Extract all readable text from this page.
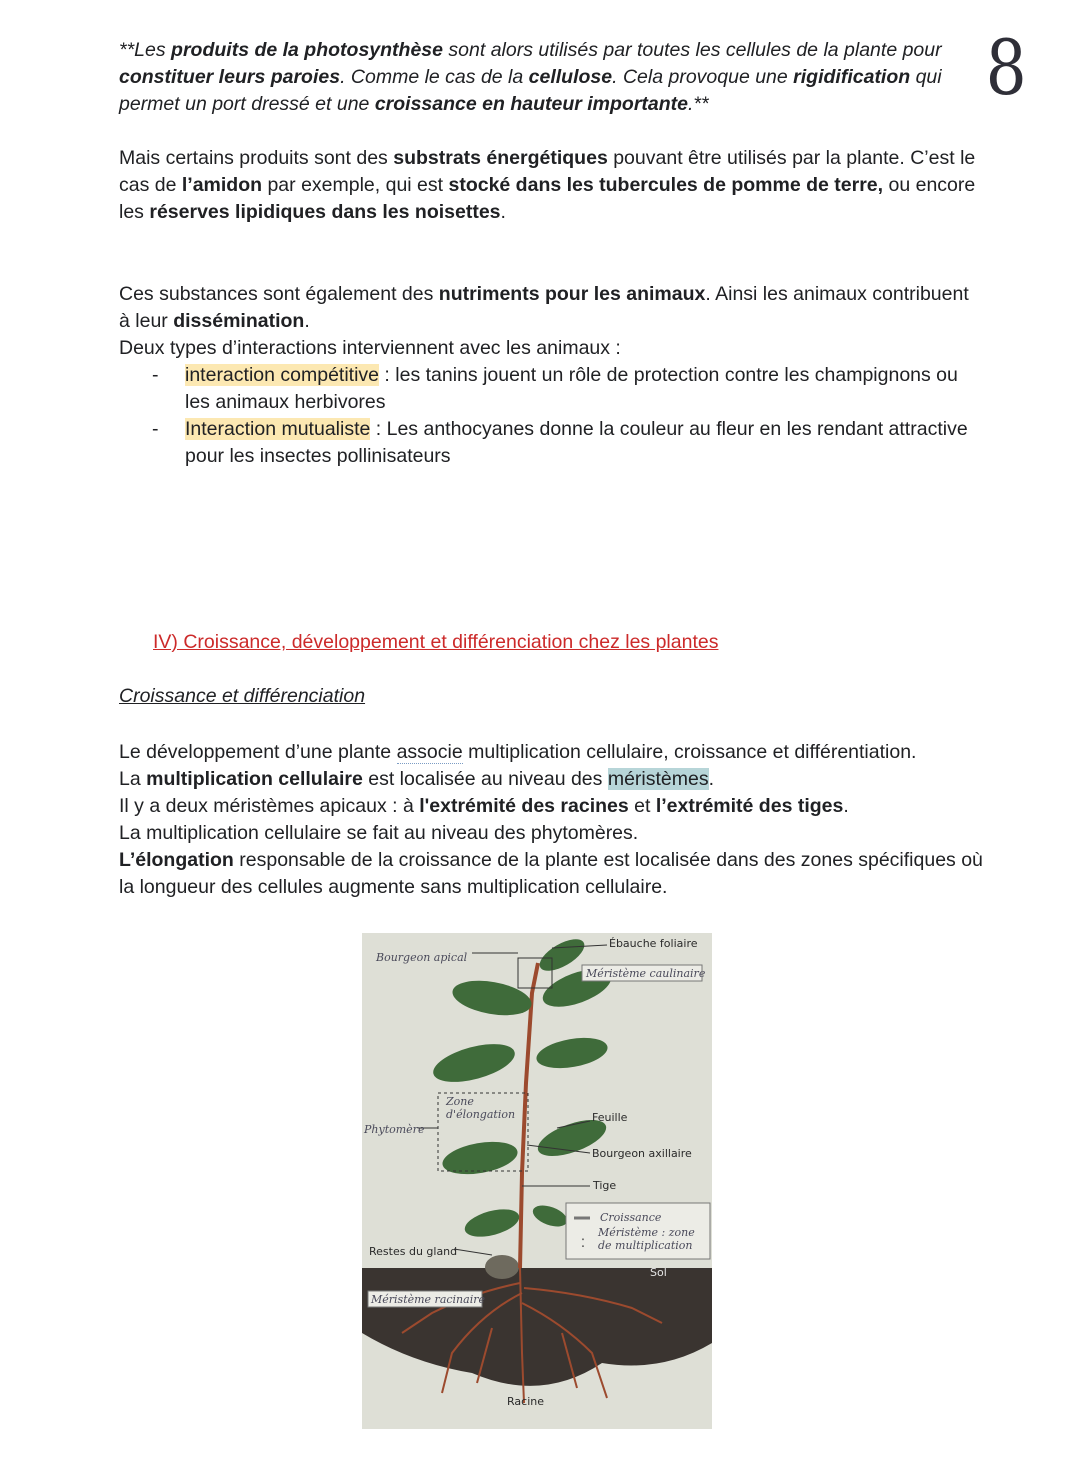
8

**Les produits de la photosynthèse sont alors utilisés par toutes les cellules de la plante pour constituer leurs paroies. Comme le cas de la cellulose. Cela provoque une rigidification qui permet un port dressé et une croissance en hauteur importante.**

Mais certains produits sont des substrats énergétiques pouvant être utilisés par la plante. C’est le cas de l’amidon par exemple, qui est stocké dans les tubercules de pomme de terre, ou encore les réserves lipidiques dans les noisettes.

Ces substances sont également des nutriments pour les animaux. Ainsi les animaux contribuent à leur dissémination.

Deux types d’interactions interviennent avec les animaux :

- interaction compétitive : les tanins jouent un rôle de protection contre les champignons ou les animaux herbivores
- Interaction mutualiste : Les anthocyanes donne la couleur au fleur en les rendant attractive pour les insectes pollinisateurs
IV) Croissance, développement et différenciation chez les plantes
Croissance et différenciation

Le développement d’une plante associe multiplication cellulaire, croissance et différentiation.

La multiplication cellulaire est localisée au niveau des méristèmes.

Il y a deux méristèmes apicaux : à l'extrémité des racines et l’extrémité des tiges.

La multiplication cellulaire se fait au niveau des phytomères.

L’élongation responsable de la croissance de la plante est localisée dans des zones spécifiques où la longueur des cellules augmente sans multiplication cellulaire.

:
Bourgeon apical
Ébauche foliaire
Méristème caulinaire
Zone
d'élongation
Phytomère
Feuille
Bourgeon axillaire
Tige
Croissance
Méristème : zone
de multiplication
Sol
Restes du gland
Méristème racinaire
Racine
